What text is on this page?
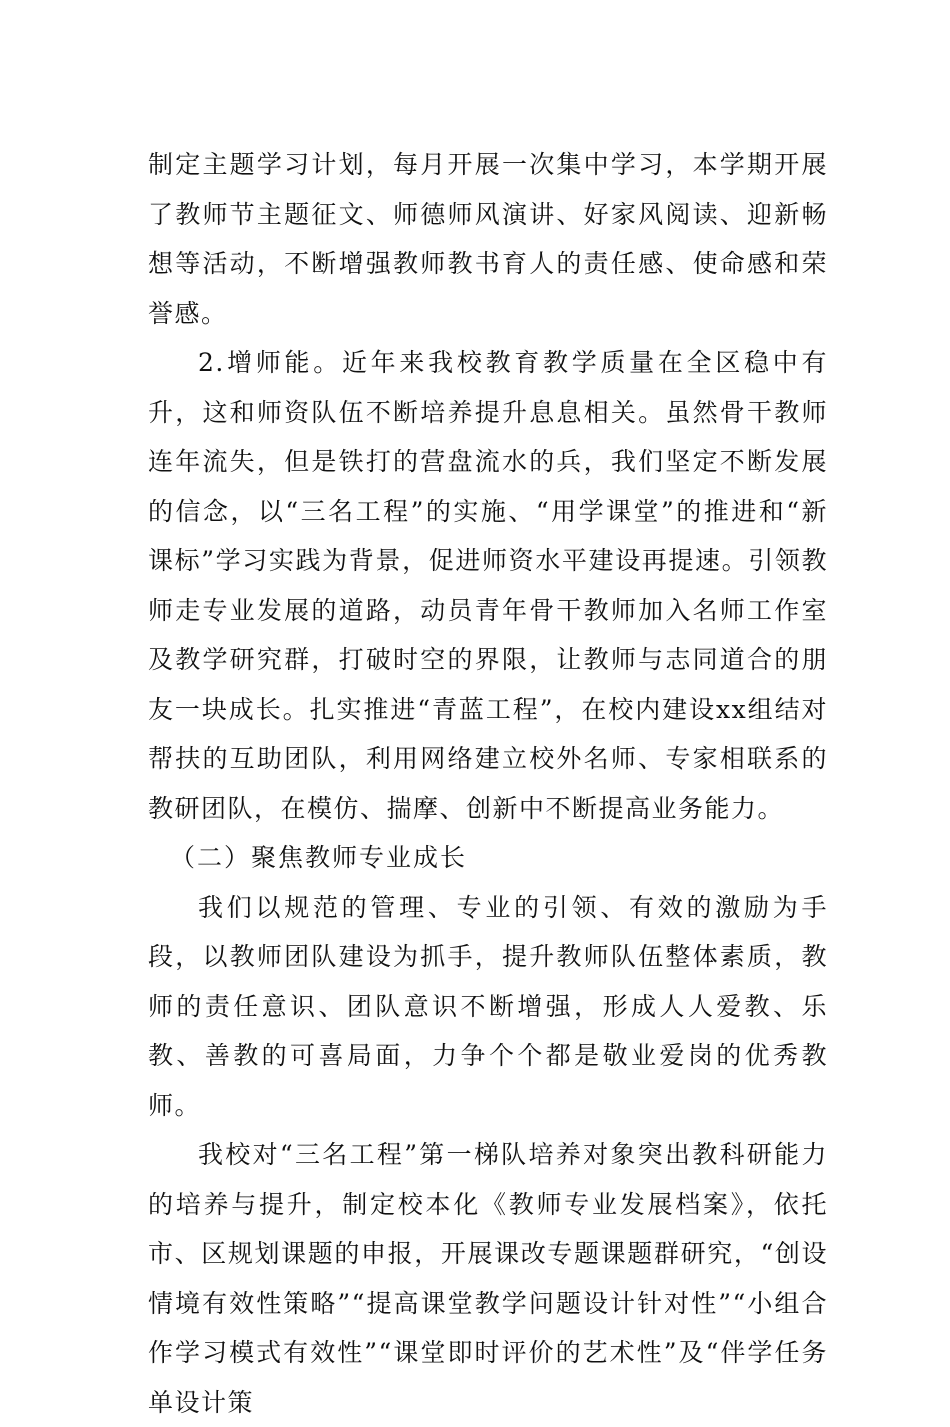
制定主题学习计划，每月开展一次集中学习，本学期开展了教师节主题征文、师德师风演讲、好家风阅读、迎新畅想等活动，不断增强教师教书育人的责任感、使命感和荣誉感。

2.增师能。近年来我校教育教学质量在全区稳中有升，这和师资队伍不断培养提升息息相关。虽然骨干教师连年流失，但是铁打的营盘流水的兵，我们坚定不断发展的信念，以“三名工程”的实施、“用学课堂”的推进和“新课标”学习实践为背景，促进师资水平建设再提速。引领教师走专业发展的道路，动员青年骨干教师加入名师工作室及教学研究群，打破时空的界限，让教师与志同道合的朋友一块成长。扎实推进“青蓝工程”，在校内建设xx组结对帮扶的互助团队，利用网络建立校外名师、专家相联系的教研团队，在模仿、揣摩、创新中不断提高业务能力。

（二）聚焦教师专业成长

我们以规范的管理、专业的引领、有效的激励为手段，以教师团队建设为抓手，提升教师队伍整体素质，教师的责任意识、团队意识不断增强，形成人人爱教、乐教、善教的可喜局面，力争个个都是敬业爱岗的优秀教师。

我校对“三名工程”第一梯队培养对象突出教科研能力的培养与提升，制定校本化《教师专业发展档案》，依托市、区规划课题的申报，开展课改专题课题群研究，“创设情境有效性策略”“提高课堂教学问题设计针对性”“小组合作学习模式有效性”“课堂即时评价的艺术性”及“伴学任务单设计策
